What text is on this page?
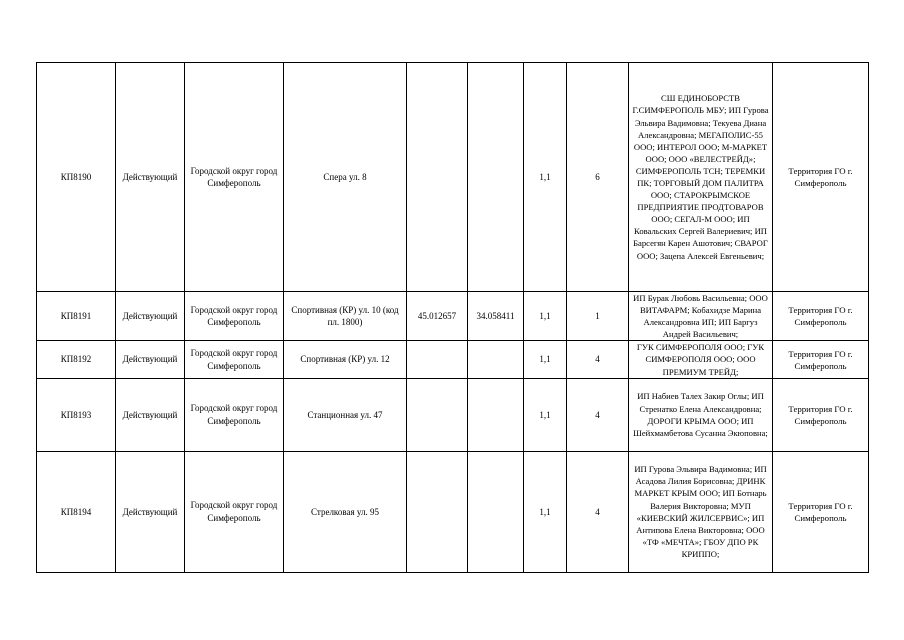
КП8190	Действующий	Городской округ город Симферополь	Спера ул. 8			1,1	6	СШ ЕДИНОБОРСТВ Г.СИМФЕРОПОЛЬ МБУ; ИП Гурова Эльвира Вадимовна; Текуева Диана Александровна; МЕГАПОЛИС-55 ООО; ИНТЕРОЛ ООО; М-МАРКЕТ ООО; ООО «ВЕЛЕСТРЕЙД»; СИМФЕРОПОЛЬ ТСН; ТЕРЕМКИ ПК; ТОРГОВЫЙ ДОМ ПАЛИТРА ООО; СТАРОКРЫМСКОЕ ПРЕДПРИЯТИЕ ПРОДТОВАРОВ ООО; СЕГАЛ-М ООО; ИП Ковальских Сергей Валериевич; ИП Барсегян Карен Ашотович; СВАРОГ ООО; Зацепа Алексей Евгеньевич;	Территория ГО г. Симферополь
КП8191	Действующий	Городской округ город Симферополь	Спортивная (КР) ул. 10 (код пл. 1800)	45.012657	34.058411	1,1	1	ИП Бурак Любовь Васильевна; ООО ВИТАФАРМ; Кобахидзе Марина Александровна ИП; ИП Баргуз Андрей Васильевич;	Территория ГО г. Симферополь
КП8192	Действующий	Городской округ город Симферополь	Спортивная (КР) ул. 12			1,1	4	ГУК СИМФЕРОПОЛЯ ООО; ГУК СИМФЕРОПОЛЯ ООО; ООО ПРЕМИУМ ТРЕЙД;	Территория ГО г. Симферополь
КП8193	Действующий	Городской округ город Симферополь	Станционная ул. 47			1,1	4	ИП Набиев Талех Закир Оглы; ИП Стренатко Елена Александровна; ДОРОГИ КРЫМА ООО; ИП Шейхмамбетова Сусанна Экюповна;	Территория ГО г. Симферополь
КП8194	Действующий	Городской округ город Симферополь	Стрелковая ул. 95			1,1	4	ИП Гурова Эльвира Вадимовна; ИП Асадова Лилия Борисовна; ДРИНК МАРКЕТ КРЫМ ООО; ИП Ботнарь Валерия Викторовна; МУП «КИЕВСКИЙ ЖИЛСЕРВИС»; ИП Антипова Елена Викторовна; ООО «ТФ «МЕЧТА»; ГБОУ ДПО РК КРИППО;	Территория ГО г. Симферополь
